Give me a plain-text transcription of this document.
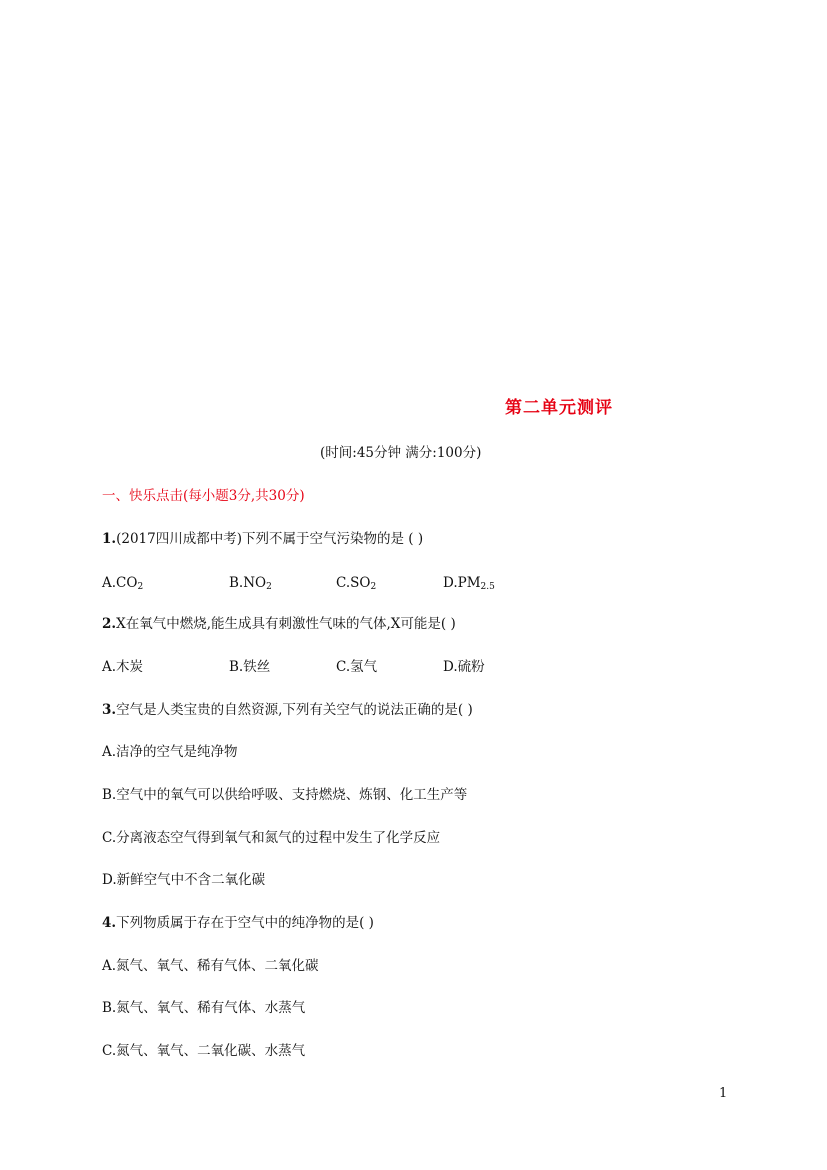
第二单元测评
(时间:45分钟 满分:100分)
一、快乐点击(每小题3分,共30分)
1.(2017四川成都中考)下列不属于空气污染物的是 ( )
$A.CO_2$	$B.NO_2$	$C.SO_2$	$D.PM_{2.5}$
2.X在氧气中燃烧,能生成具有刺激性气味的气体,X可能是( )
A.木炭	B.铁丝	C.氢气	D.硫粉
3.空气是人类宝贵的自然资源,下列有关空气的说法正确的是( )
A.洁净的空气是纯净物
B.空气中的氧气可以供给呼吸、支持燃烧、炼钢、化工生产等
C.分离液态空气得到氧气和氮气的过程中发生了化学反应
D.新鲜空气中不含二氧化碳
4.下列物质属于存在于空气中的纯净物的是( )
A.氮气、氧气、稀有气体、二氧化碳
B.氮气、氧气、稀有气体、水蒸气
C.氮气、氧气、二氧化碳、水蒸气
1
